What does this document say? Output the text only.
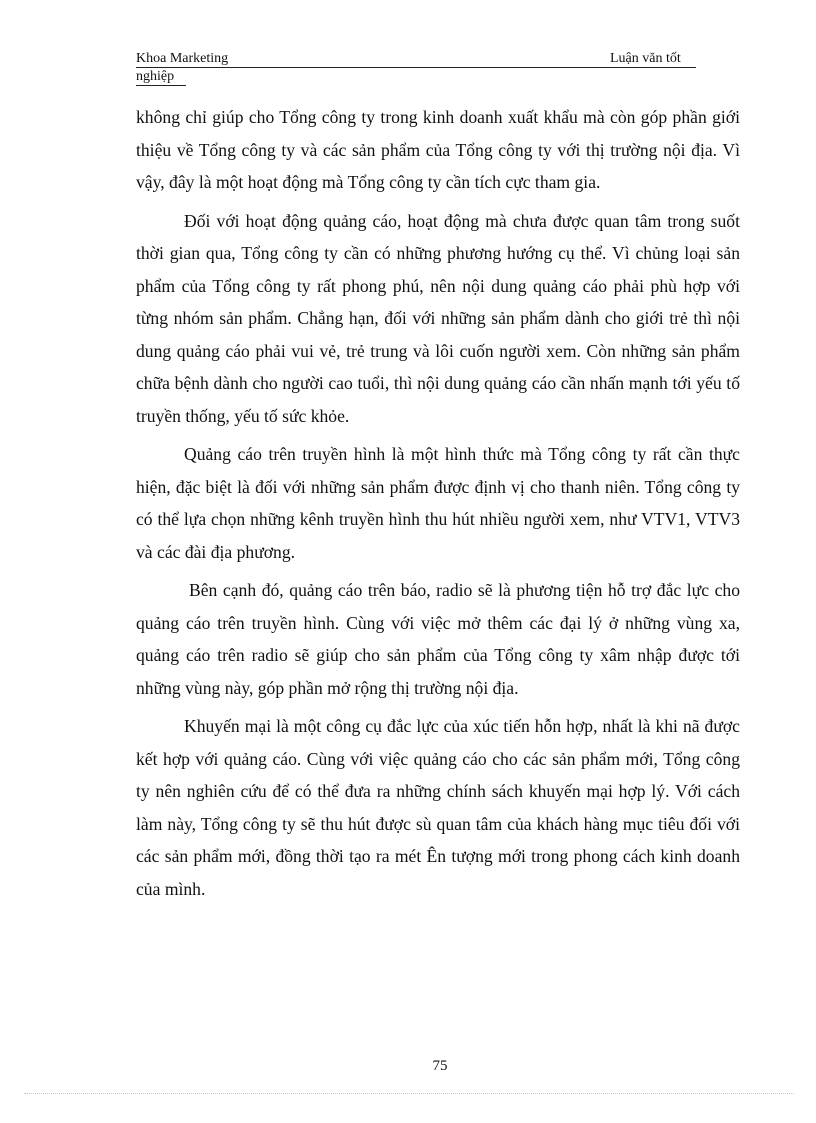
Khoa Marketing	Luận văn tốt
nghiệp

không chỉ giúp cho Tổng công ty trong kinh doanh xuất khẩu mà còn góp phần giới thiệu về Tổng công ty và các sản phẩm của Tổng công ty với thị trường nội địa. Vì vậy, đây là một hoạt động mà Tổng công ty cần tích cực tham gia.

Đối với hoạt động quảng cáo, hoạt động mà chưa được quan tâm trong suốt thời gian qua, Tổng công ty cần có những phương hướng cụ thể. Vì chủng loại sản phẩm của Tổng công ty rất phong phú, nên nội dung quảng cáo phải phù hợp với từng nhóm sản phẩm. Chẳng hạn, đối với những sản phẩm dành cho giới trẻ thì nội dung quảng cáo phải vui vẻ, trẻ trung và lôi cuốn người xem. Còn những sản phẩm chữa bệnh dành cho người cao tuổi, thì nội dung quảng cáo cần nhấn mạnh tới yếu tố truyền thống, yếu tố sức khỏe.

Quảng cáo trên truyền hình là một hình thức mà Tổng công ty rất cần thực hiện, đặc biệt là đối với những sản phẩm được định vị cho thanh niên. Tổng công ty có thể lựa chọn những kênh truyền hình thu hút nhiều người xem, như VTV1, VTV3 và các đài địa phương.

Bên cạnh đó, quảng cáo trên báo, radio sẽ là phương tiện hỗ trợ đắc lực cho quảng cáo trên truyền hình. Cùng với việc mở thêm các đại lý ở những vùng xa, quảng cáo trên radio sẽ giúp cho sản phẩm của Tổng công ty xâm nhập được tới những vùng này, góp phần mở rộng thị trường nội địa.

Khuyến mại là một công cụ đắc lực của xúc tiến hỗn hợp, nhất là khi nã được kết hợp với quảng cáo. Cùng với việc quảng cáo cho các sản phẩm mới, Tổng công ty nên nghiên cứu để có thể đưa ra những chính sách khuyến mại hợp lý. Với cách làm này, Tổng công ty sẽ thu hút được sù quan tâm của khách hàng mục tiêu đối với các sản phẩm mới, đồng thời tạo ra mét Ên tượng mới trong phong cách kinh doanh của mình.

75
